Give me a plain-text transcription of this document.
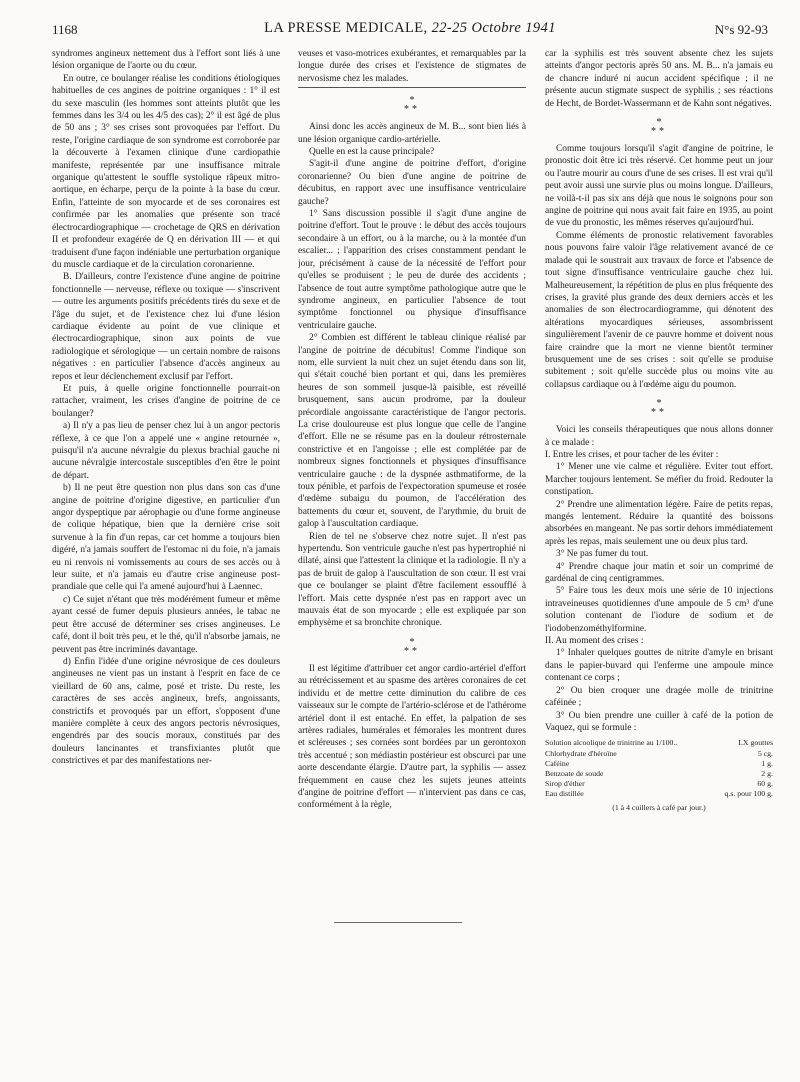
1168	LA PRESSE MEDICALE, 22-25 Octobre 1941	N°s 92-93

syndromes angineux nettement dus à l'effort sont liés à une lésion organique de l'aorte ou du cœur.

En outre, ce boulanger réalise les conditions étiologiques habituelles de ces angines de poitrine organiques : 1° il est du sexe masculin (les hommes sont atteints plutôt que les femmes dans les 3/4 ou les 4/5 des cas); 2° il est âgé de plus de 50 ans ; 3° ses crises sont provoquées par l'effort. Du reste, l'origine cardiaque de son syndrome est corroborée par la découverte à l'examen clinique d'une cardiopathie manifeste, représentée par une insuffisance mitrale organique qu'attestent le souffle systolique râpeux mitro-aortique, en écharpe, perçu de la pointe à la base du cœur. Enfin, l'atteinte de son myocarde et de ses coronaires est confirmée par les anomalies que présente son tracé électrocardiographique — crochetage de QRS en dérivation II et profondeur exagérée de Q en dérivation III — et qui traduisent d'une façon indéniable une perturbation organique du muscle cardiaque et de la circulation coronarienne.

B. D'ailleurs, contre l'existence d'une angine de poitrine fonctionnelle — nerveuse, réflexe ou toxique — s'inscrivent — outre les arguments positifs précédents tirés du sexe et de l'âge du sujet, et de l'existence chez lui d'une lésion cardiaque évidente au point de vue clinique et électrocardiographique, sinon aux points de vue radiologique et sérologique — un certain nombre de raisons négatives : en particulier l'absence d'accès angineux au repos et leur déclenchement exclusif par l'effort.

Et puis, à quelle origine fonctionnelle pourrait-on rattacher, vraiment, les crises d'angine de poitrine de ce boulanger?

a) Il n'y a pas lieu de penser chez lui à un angor pectoris réflexe, à ce que l'on a appelé une « angine retournée », puisqu'il n'a aucune névralgie du plexus brachial gauche ni aucune névralgie intercostale susceptibles d'en être le point de départ.

b) Il ne peut être question non plus dans son cas d'une angine de poitrine d'origine digestive, en particulier d'un angor dyspeptique par aérophagie ou d'une forme angineuse de colique hépatique, bien que la dernière crise soit survenue à la fin d'un repas, car cet homme a toujours bien digéré, n'a jamais souffert de l'estomac ni du foie, n'a jamais eu ni renvois ni vomissements au cours de ses accès ou à leur suite, et n'a jamais eu d'autre crise angineuse post-prandiale que celle qui l'a amené aujourd'hui à Laennec.

c) Ce sujet n'étant que très modérément fumeur et même ayant cessé de fumer depuis plusieurs années, le tabac ne peut être accusé de déterminer ses crises angineuses. Le café, dont il boit très peu, et le thé, qu'il n'absorbe jamais, ne peuvent pas être incriminés davantage.

d) Enfin l'idée d'une origine névrosique de ces douleurs angineuses ne vient pas un instant à l'esprit en face de ce vieillard de 60 ans, calme, posé et triste. Du reste, les caractères de ses accès angineux, brefs, angoissants, constrictifs et provoqués par un effort, s'opposent d'une manière complète à ceux des angors pectoris névrosiques, engendrés par des soucis moraux, constitués par des douleurs lancinantes et transfixiantes plutôt que constrictives et par des manifestations ner-

veuses et vaso-motrices exubérantes, et remarquables par la longue durée des crises et l'existence de stigmates de nervosisme chez les malades.

*
**

Ainsi donc les accès angineux de M. B... sont bien liés à une lésion organique cardio-artérielle.

Quelle en est la cause principale?

S'agit-il d'une angine de poitrine d'effort, d'origine coronarienne? Ou bien d'une angine de poitrine de décubitus, en rapport avec une insuffisance ventriculaire gauche?

1° Sans discussion possible il s'agit d'une angine de poitrine d'effort. Tout le prouve : le début des accès toujours secondaire à un effort, ou à la marche, ou à la montée d'un escalier... ; l'apparition des crises constamment pendant le jour, précisément à cause de la nécessité de l'effort pour qu'elles se produisent ; le peu de durée des accidents ; l'absence de tout autre symptôme pathologique autre que le syndrome angineux, en particulier l'absence de tout symptôme fonctionnel ou physique d'insuffisance ventriculaire gauche.

2° Combien est différent le tableau clinique réalisé par l'angine de poitrine de décubitus! Comme l'indique son nom, elle survient la nuit chez un sujet étendu dans son lit, qui s'était couché bien portant et qui, dans les premières heures de son sommeil jusque-là paisible, est réveillé brusquement, sans aucun prodrome, par la douleur précordiale angoissante caractéristique de l'angor pectoris. La crise douloureuse est plus longue que celle de l'angine d'effort. Elle ne se résume pas en la douleur rétrosternale constrictive et en l'angoisse ; elle est complétée par de nombreux signes fonctionnels et physiques d'insuffisance ventriculaire gauche : de la dyspnée asthmatiforme, de la toux pénible, et parfois de l'expectoration spumeuse et rosée d'œdème subaigu du poumon, de l'accélération des battements du cœur et, souvent, de l'arythmie, du bruit de galop à l'auscultation cardiaque.

Rien de tel ne s'observe chez notre sujet. Il n'est pas hypertendu. Son ventricule gauche n'est pas hypertrophié ni dilaté, ainsi que l'attestent la clinique et la radiologie. Il n'y a pas de bruit de galop à l'auscultation de son cœur. Il est vrai que ce boulanger se plaint d'être facilement essoufflé à l'effort. Mais cette dyspnée n'est pas en rapport avec un mauvais état de son myocarde ; elle est expliquée par son emphysème et sa bronchite chronique.

*
**

Il est légitime d'attribuer cet angor cardio-artériel d'effort au rétrécissement et au spasme des artères coronaires de cet individu et de mettre cette diminution du calibre de ces vaisseaux sur le compte de l'artério-sclérose et de l'athérome artériel dont il est entaché. En effet, la palpation de ses artères radiales, humérales et fémorales les montrent dures et scléreuses ; ses cornées sont bordées par un gerontoxon très accentué ; son médiastin postérieur est obscurci par une aorte descendante élargie. D'autre part, la syphilis — assez fréquemment en cause chez les sujets jeunes atteints d'angine de poitrine d'effort — n'intervient pas dans ce cas, conformément à la règle,

car la syphilis est très souvent absente chez les sujets atteints d'angor pectoris après 50 ans. M. B... n'a jamais eu de chancre induré ni aucun accident spécifique ; il ne présente aucun stigmate suspect de syphilis ; ses réactions de Hecht, de Bordet-Wassermann et de Kahn sont négatives.

*
**

Comme toujours lorsqu'il s'agit d'angine de poitrine, le pronostic doit être ici très réservé. Cet homme peut un jour ou l'autre mourir au cours d'une de ses crises. Il est vrai qu'il peut avoir aussi une survie plus ou moins longue. D'ailleurs, ne voilà-t-il pas six ans déjà que nous le soignons pour son angine de poitrine qui nous avait fait faire en 1935, au point de vue du pronostic, les mêmes réserves qu'aujourd'hui.

Comme éléments de pronostic relativement favorables nous pouvons faire valoir l'âge relativement avancé de ce malade qui le soustrait aux travaux de force et l'absence de tout signe d'insuffisance ventriculaire gauche chez lui. Malheureusement, la répétition de plus en plus fréquente des crises, la gravité plus grande des deux derniers accès et les anomalies de son électrocardiogramme, qui dénotent des altérations myocardiques sérieuses, assombrissent singulièrement l'avenir de ce pauvre homme et doivent nous faire craindre que la mort ne vienne bientôt terminer brusquement une de ses crises : soit qu'elle se produise subitement ; soit qu'elle succède plus ou moins vite au collapsus cardiaque ou à l'œdème aigu du poumon.

*
**

Voici les conseils thérapeutiques que nous allons donner à ce malade :

I. Entre les crises, et pour tacher de les éviter :

1° Mener une vie calme et régulière. Eviter tout effort. Marcher toujours lentement. Se méfier du froid. Redouter la constipation.

2° Prendre une alimentation légère. Faire de petits repas, mangés lentement. Réduire la quantité des boissons absorbées en mangeant. Ne pas sortir dehors immédiatement après les repas, mais seulement une ou deux plus tard.

3° Ne pas fumer du tout.

4° Prendre chaque jour matin et soir un comprimé de gardénal de cinq centigrammes.

5° Faire tous les deux mois une série de 10 injections intraveineuses quotidiennes d'une ampoule de 5 cm³ d'une solution contenant de l'iodure de sodium et de l'iodobenzométhylformine.

II. Au moment des crises :

1° Inhaler quelques gouttes de nitrite d'amyle en brisant dans le papier-buvard qui l'enferme une ampoule mince contenant ce corps ;

2° Ou bien croquer une dragée molle de trinitrine caféinée ;

3° Ou bien prendre une cuiller à café de la potion de Vaquez, qui se formule :

Solution alcoolique de trinitrine au 1/100..	LX gouttes
Chlorhydrate d'héroïne	5 cg.
Caféine	1 g.
Benzoate de soude	2 g.
Sirop d'éther	60 g.
Eau distillée	q.s. pour 100 g.
(1 à 4 cuillers à café par jour.)
